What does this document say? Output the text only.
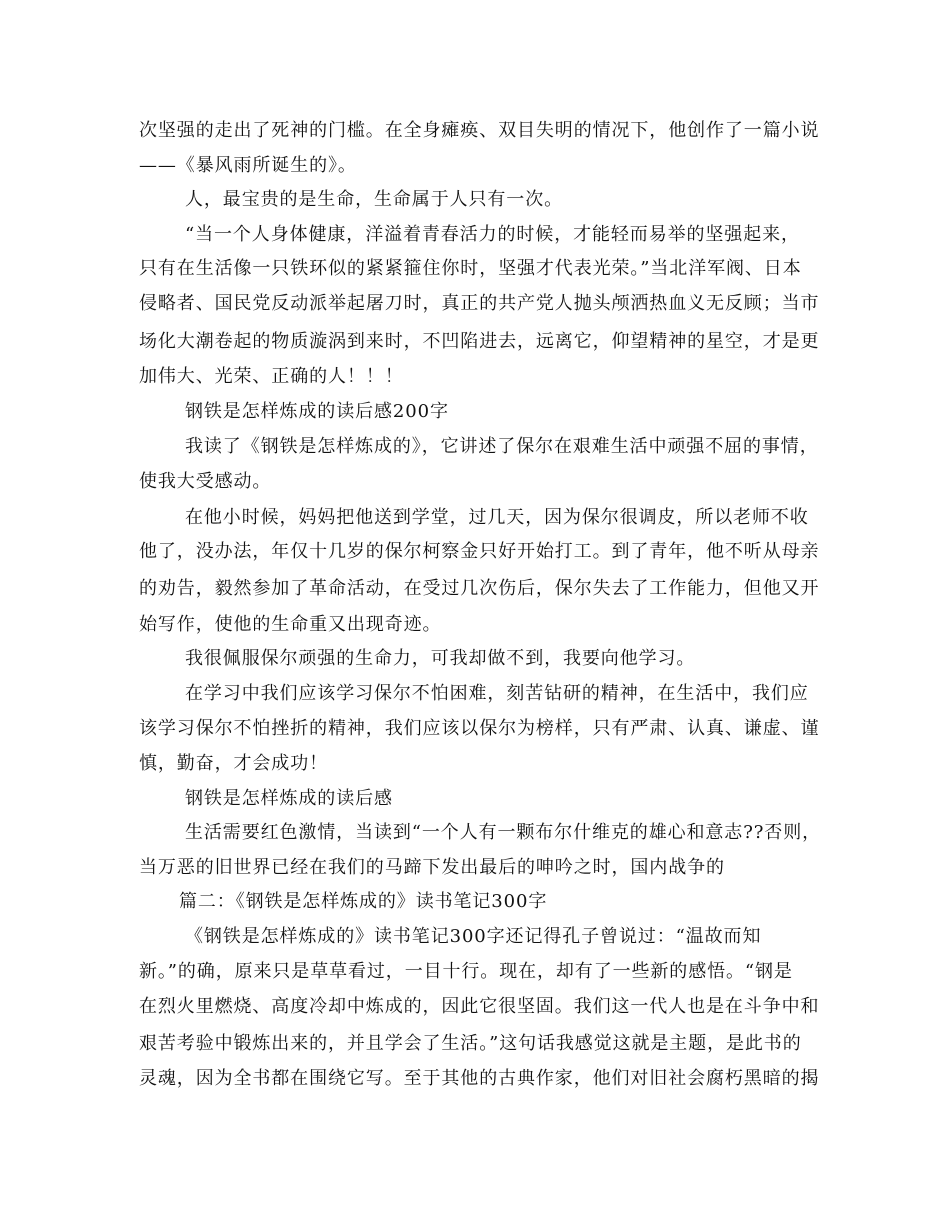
次坚强的走出了死神的门槛。在全身瘫痪、双目失明的情况下，他创作了一篇小说
——《暴风雨所诞生的》。
人，最宝贵的是生命，生命属于人只有一次。
“当一个人身体健康，洋溢着青春活力的时候，才能轻而易举的坚强起来，
只有在生活像一只铁环似的紧紧箍住你时，坚强才代表光荣。”当北洋军阀、日本
侵略者、国民党反动派举起屠刀时，真正的共产党人抛头颅洒热血义无反顾；当市
场化大潮卷起的物质漩涡到来时，不凹陷进去，远离它，仰望精神的星空，才是更
加伟大、光荣、正确的人！！！
钢铁是怎样炼成的读后感200字
我读了《钢铁是怎样炼成的》，它讲述了保尔在艰难生活中顽强不屈的事情，
使我大受感动。
在他小时候，妈妈把他送到学堂，过几天，因为保尔很调皮，所以老师不收
他了，没办法，年仅十几岁的保尔柯察金只好开始打工。到了青年，他不听从母亲
的劝告，毅然参加了革命活动，在受过几次伤后，保尔失去了工作能力，但他又开
始写作，使他的生命重又出现奇迹。
我很佩服保尔顽强的生命力，可我却做不到，我要向他学习。
在学习中我们应该学习保尔不怕困难，刻苦钻研的精神，在生活中，我们应
该学习保尔不怕挫折的精神，我们应该以保尔为榜样，只有严肃、认真、谦虚、谨
慎，勤奋，才会成功！
钢铁是怎样炼成的读后感
生活需要红色激情，当读到“一个人有一颗布尔什维克的雄心和意志??否则，
当万恶的旧世界已经在我们的马蹄下发出最后的呻吟之时，国内战争的
篇二：《钢铁是怎样炼成的》读书笔记300字
《钢铁是怎样炼成的》读书笔记300字还记得孔子曾说过：“温故而知
新。”的确，原来只是草草看过，一目十行。现在，却有了一些新的感悟。“钢是
在烈火里燃烧、高度冷却中炼成的，因此它很坚固。我们这一代人也是在斗争中和
艰苦考验中锻炼出来的，并且学会了生活。”这句话我感觉这就是主题，是此书的
灵魂，因为全书都在围绕它写。至于其他的古典作家，他们对旧社会腐朽黑暗的揭
